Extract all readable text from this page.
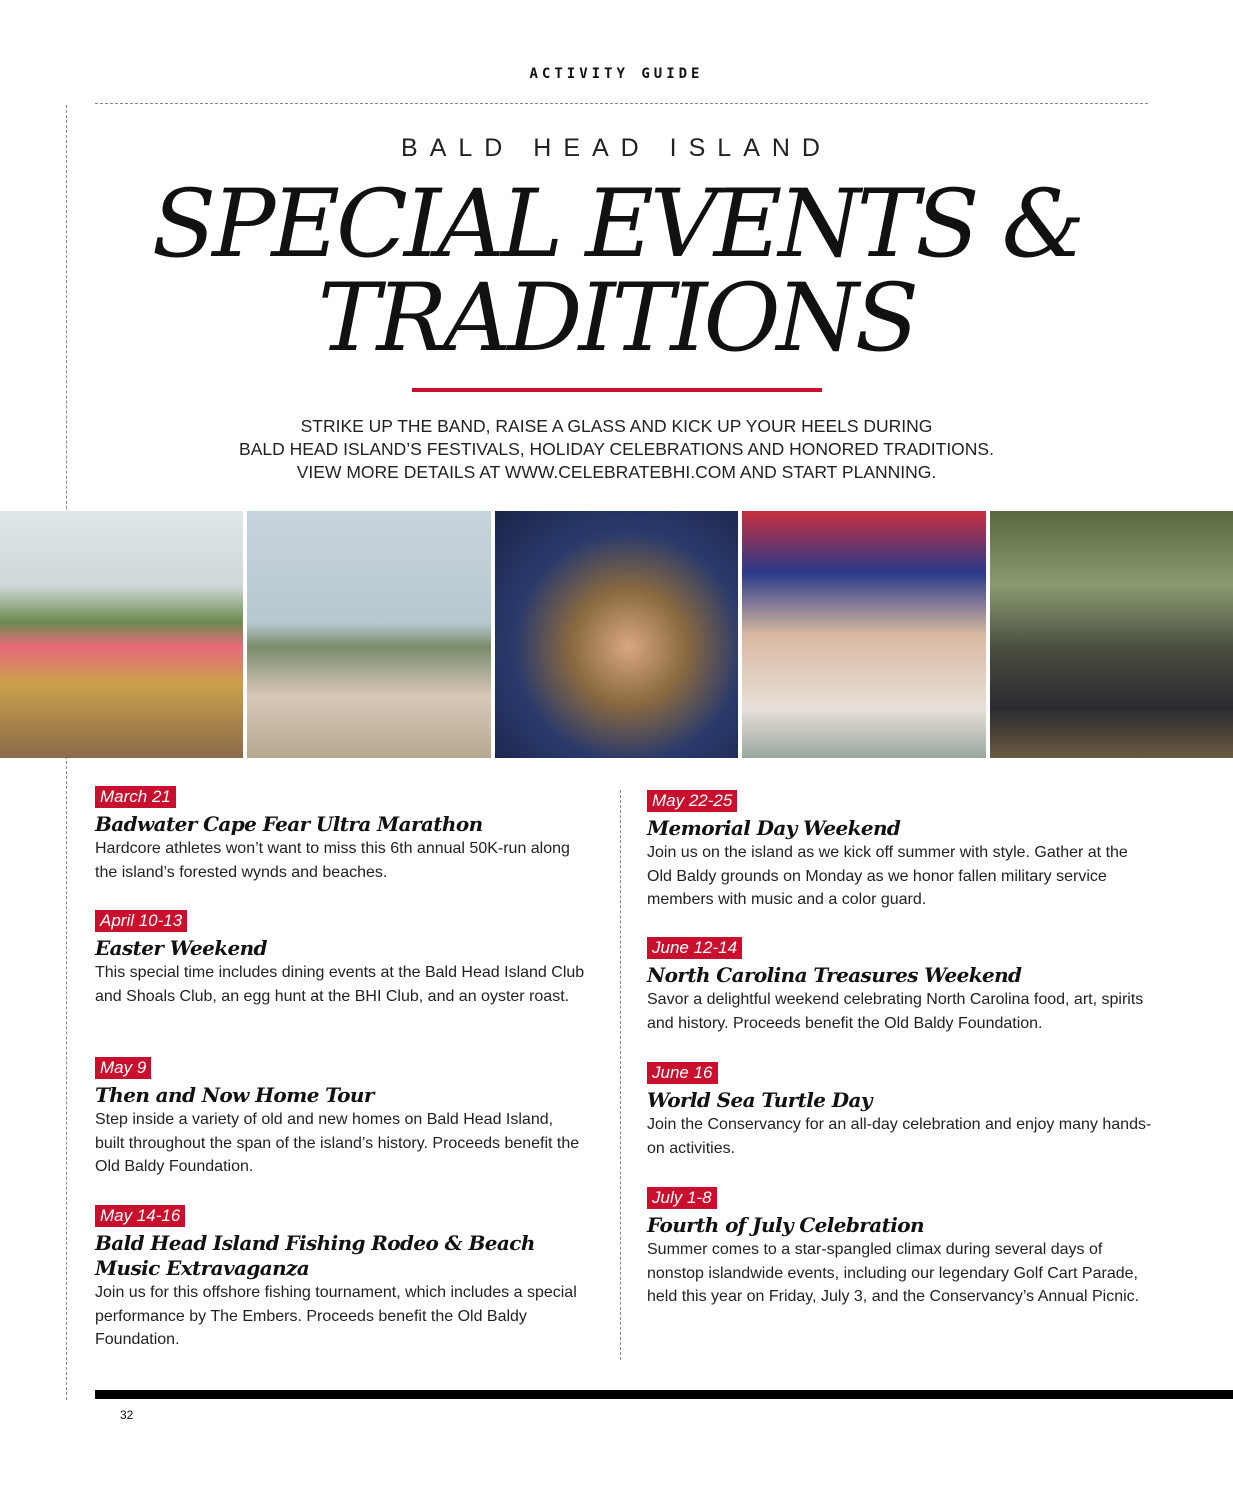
ACTIVITY GUIDE
BALD HEAD ISLAND
SPECIAL EVENTS &
TRADITIONS
STRIKE UP THE BAND, RAISE A GLASS AND KICK UP YOUR HEELS DURING
BALD HEAD ISLAND’S FESTIVALS, HOLIDAY CELEBRATIONS AND HONORED TRADITIONS.
VIEW MORE DETAILS AT WWW.CELEBRATEBHI.COM AND START PLANNING.
March 21
Badwater Cape Fear Ultra Marathon
Hardcore athletes won’t want to miss this 6th annual 50K-run along the island’s forested wynds and beaches.
April 10-13
Easter Weekend
This special time includes dining events at the Bald Head Island Club and Shoals Club, an egg hunt at the BHI Club, and an oyster roast.
May 9
Then and Now Home Tour
Step inside a variety of old and new homes on Bald Head Island, built throughout the span of the island’s history. Proceeds benefit the Old Baldy Foundation.
May 14-16
Bald Head Island Fishing Rodeo & Beach Music Extravaganza
Join us for this offshore fishing tournament, which includes a special performance by The Embers. Proceeds benefit the Old Baldy Foundation.
May 22-25
Memorial Day Weekend
Join us on the island as we kick off summer with style. Gather at the Old Baldy grounds on Monday as we honor fallen military service members with music and a color guard.
June 12-14
North Carolina Treasures Weekend
Savor a delightful weekend celebrating North Carolina food, art, spirits and history. Proceeds benefit the Old Baldy Foundation.
June 16
World Sea Turtle Day
Join the Conservancy for an all-day celebration and enjoy many hands-on activities.
July 1-8
Fourth of July Celebration
Summer comes to a star-spangled climax during several days of nonstop islandwide events, including our legendary Golf Cart Parade, held this year on Friday, July 3, and the Conservancy’s Annual Picnic.
32
